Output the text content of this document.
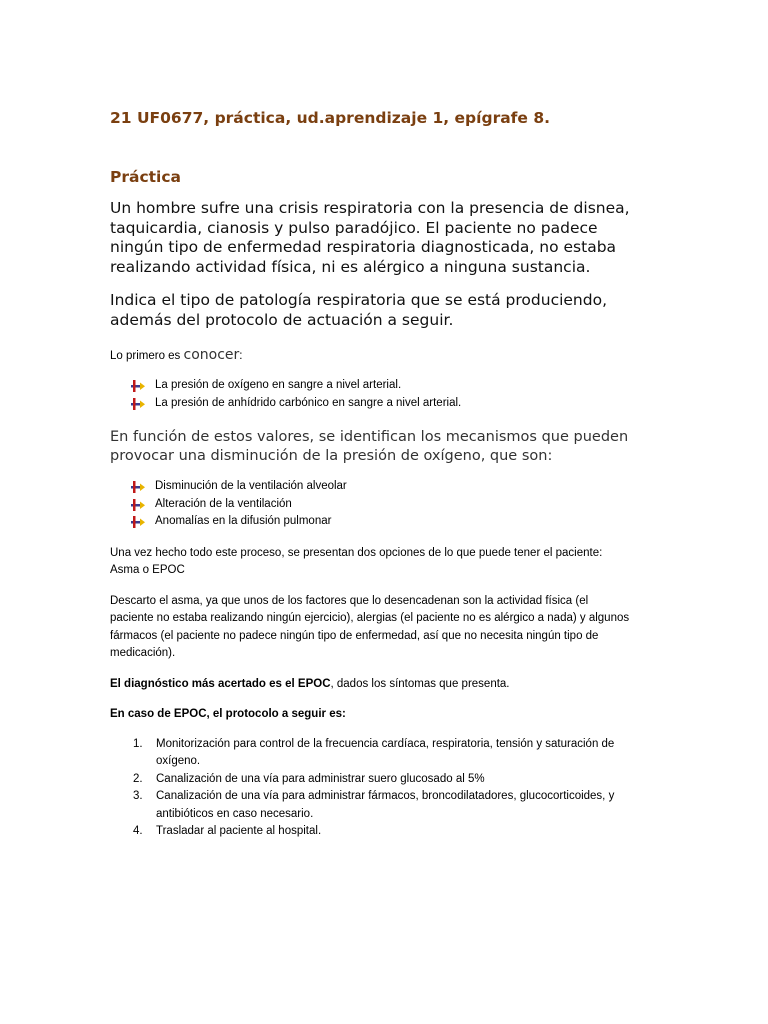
21 UF0677, práctica, ud.aprendizaje 1, epígrafe 8.
Práctica

Un hombre sufre una crisis respiratoria con la presencia de disnea, taquicardia, cianosis y pulso paradójico. El paciente no padece ningún tipo de enfermedad respiratoria diagnosticada, no estaba realizando actividad física, ni es alérgico a ninguna sustancia.

Indica el tipo de patología respiratoria que se está produciendo, además del protocolo de actuación a seguir.

Lo primero es conocer:

La presión de oxígeno en sangre a nivel arterial.
La presión de anhídrido carbónico en sangre a nivel arterial.

En función de estos valores, se identifican los mecanismos que pueden provocar una disminución de la presión de oxígeno, que son:

Disminución de la ventilación alveolar
Alteración de la ventilación
Anomalías en la difusión pulmonar

Una vez hecho todo este proceso, se presentan dos opciones de lo que puede tener el paciente: Asma o EPOC

Descarto el asma, ya que unos de los factores que lo desencadenan son la actividad física (el paciente no estaba realizando ningún ejercicio), alergias (el paciente no es alérgico a nada) y algunos fármacos (el paciente no padece ningún tipo de enfermedad, así que no necesita ningún tipo de medicación).

El diagnóstico más acertado es el EPOC, dados los síntomas que presenta.

En caso de EPOC, el protocolo a seguir es:

1. Monitorización para control de la frecuencia cardíaca, respiratoria, tensión y saturación de oxígeno.
2. Canalización de una vía para administrar suero glucosado al 5%
3. Canalización de una vía para administrar fármacos, broncodilatadores, glucocorticoides, y antibióticos en caso necesario.
4. Trasladar al paciente al hospital.
